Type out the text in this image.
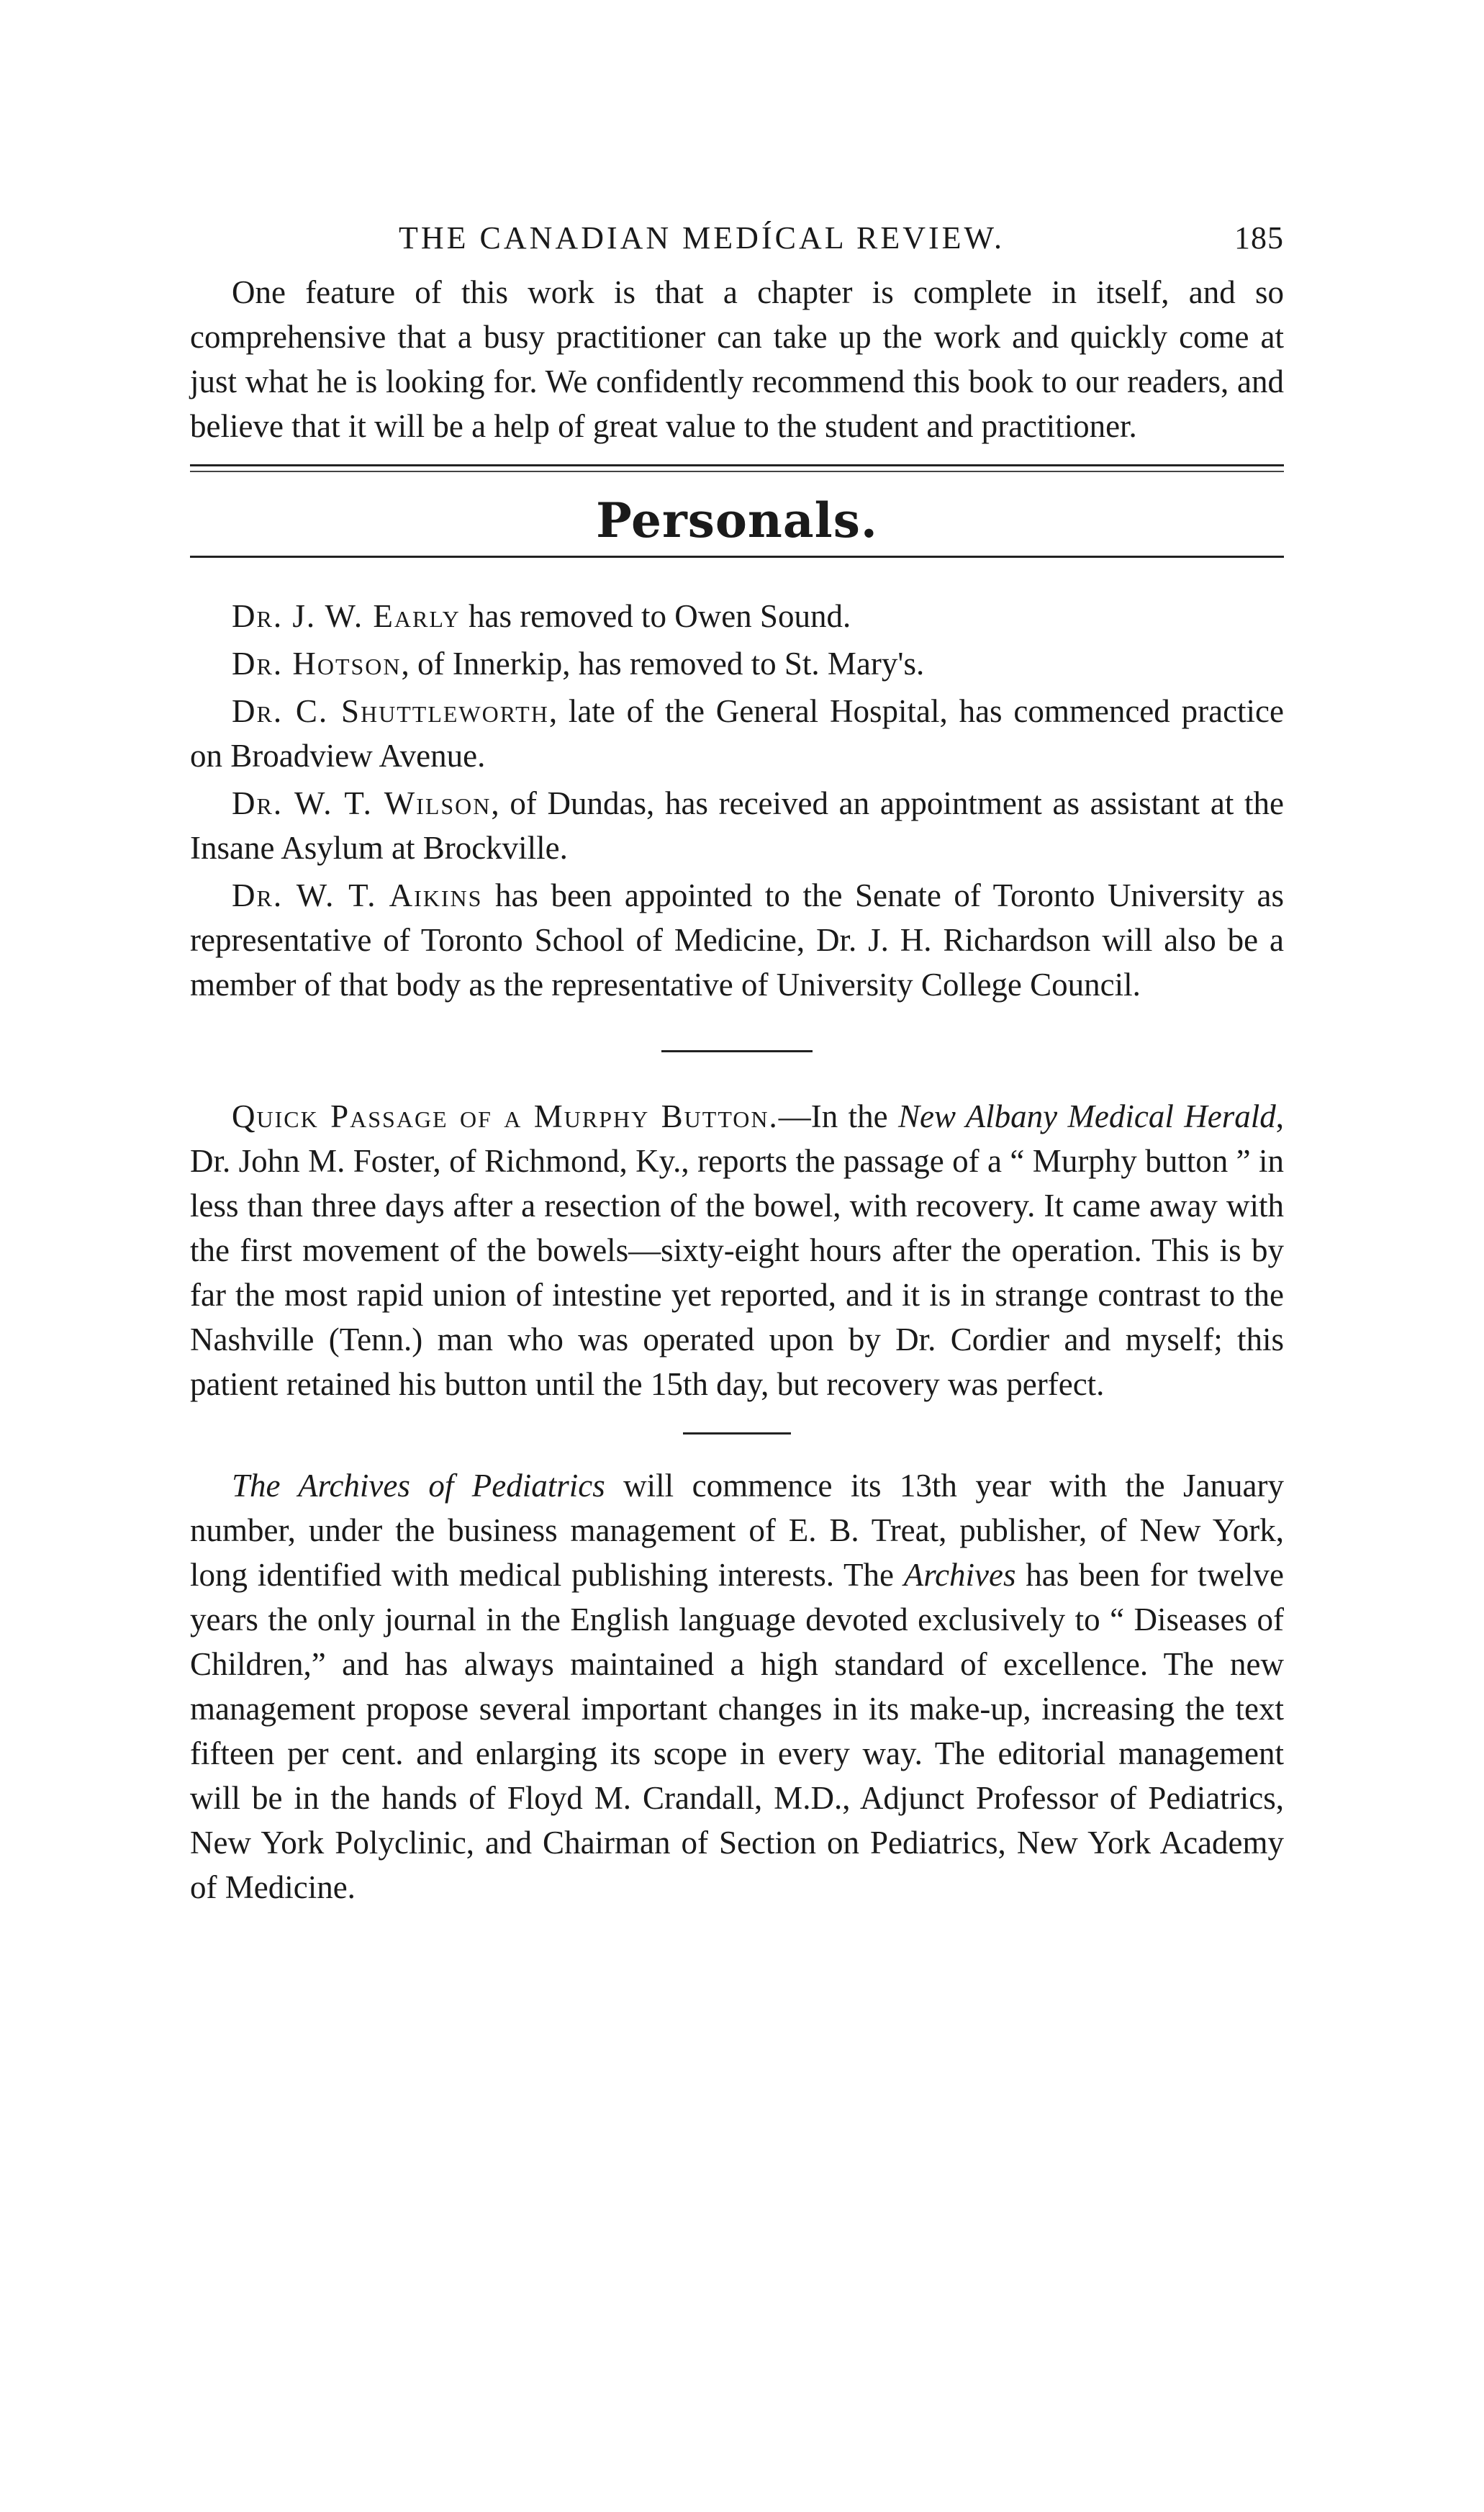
THE CANADIAN MEDÍCAL REVIEW.	185

One feature of this work is that a chapter is complete in itself, and so comprehensive that a busy practitioner can take up the work and quickly come at just what he is looking for. We confidently recommend this book to our readers, and believe that it will be a help of great value to the student and practitioner.

Personals.

Dr. J. W. Early has removed to Owen Sound.

Dr. Hotson, of Innerkip, has removed to St. Mary's.

Dr. C. Shuttleworth, late of the General Hospital, has commenced practice on Broadview Avenue.

Dr. W. T. Wilson, of Dundas, has received an appointment as assistant at the Insane Asylum at Brockville.

Dr. W. T. Aikins has been appointed to the Senate of Toronto University as representative of Toronto School of Medicine, Dr. J. H. Richardson will also be a member of that body as the representative of University College Council.

Quick Passage of a Murphy Button.—In the New Albany Medical Herald, Dr. John M. Foster, of Richmond, Ky., reports the passage of a “ Murphy button ” in less than three days after a resection of the bowel, with recovery. It came away with the first movement of the bowels—sixty-eight hours after the operation. This is by far the most rapid union of intestine yet reported, and it is in strange contrast to the Nashville (Tenn.) man who was operated upon by Dr. Cordier and myself; this patient retained his button until the 15th day, but recovery was perfect.

The Archives of Pediatrics will commence its 13th year with the January number, under the business management of E. B. Treat, publisher, of New York, long identified with medical publishing interests. The Archives has been for twelve years the only journal in the English language devoted exclusively to “ Diseases of Children,” and has always maintained a high standard of excellence. The new management propose several important changes in its make-up, increasing the text fifteen per cent. and enlarging its scope in every way. The editorial management will be in the hands of Floyd M. Crandall, M.D., Adjunct Professor of Pediatrics, New York Polyclinic, and Chairman of Section on Pediatrics, New York Academy of Medicine.
